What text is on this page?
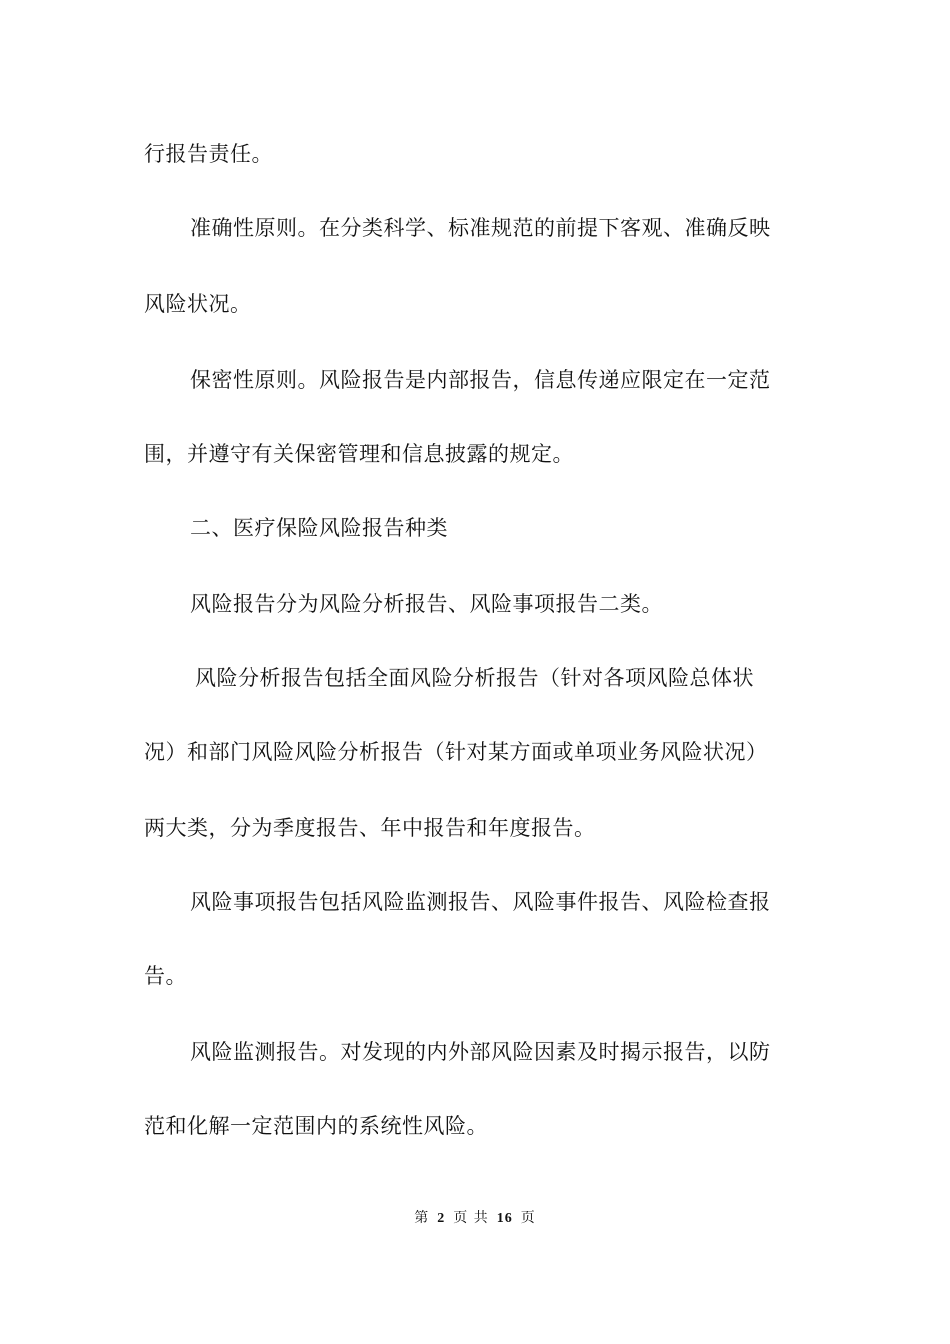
行报告责任。
准确性原则。在分类科学、标准规范的前提下客观、准确反映
风险状况。
保密性原则。风险报告是内部报告，信息传递应限定在一定范
围，并遵守有关保密管理和信息披露的规定。
二、医疗保险风险报告种类
风险报告分为风险分析报告、风险事项报告二类。
风险分析报告包括全面风险分析报告（针对各项风险总体状
况）和部门风险风险分析报告（针对某方面或单项业务风险状况）
两大类，分为季度报告、年中报告和年度报告。
风险事项报告包括风险监测报告、风险事件报告、风险检查报
告。
风险监测报告。对发现的内外部风险因素及时揭示报告，以防
范和化解一定范围内的系统性风险。
第 2 页 共 16 页
